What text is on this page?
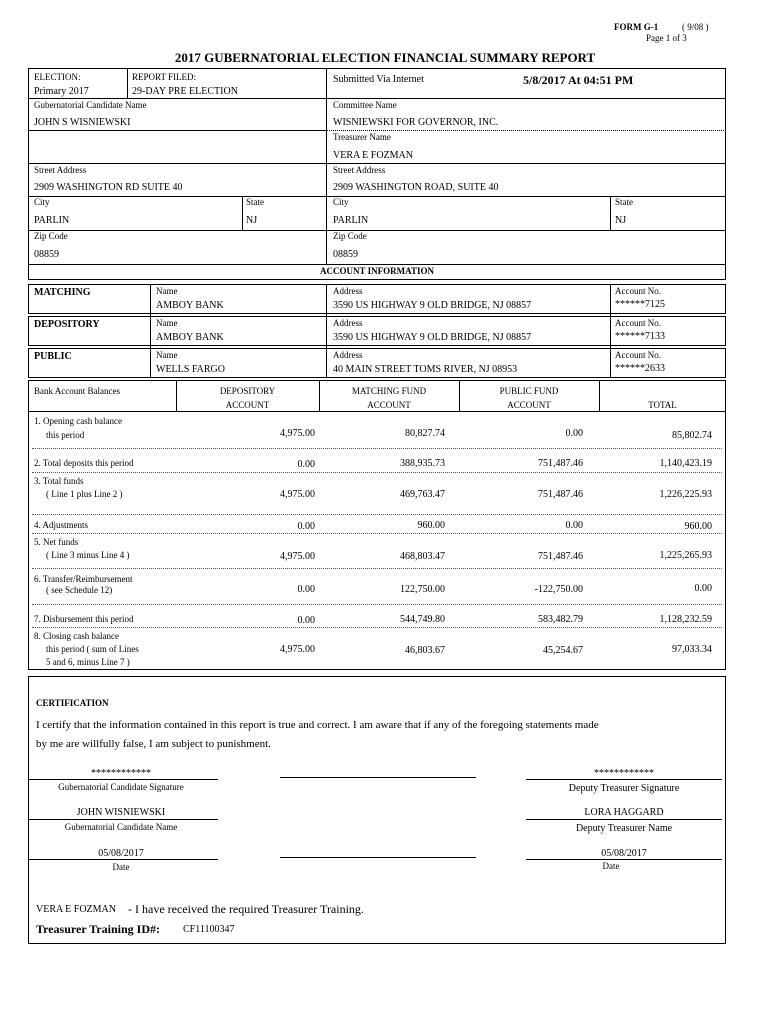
FORM G-1	( 9/08 )
Page 1 of 3
2017 GUBERNATORIAL ELECTION FINANCIAL SUMMARY REPORT
ELECTION:
Primary 2017
REPORT FILED:
29-DAY PRE ELECTION
Submitted Via Internet	5/8/2017 At 04:51 PM
Gubernatorial Candidate Name
JOHN S WISNIEWSKI
Committee Name
WISNIEWSKI FOR GOVERNOR, INC.
Treasurer Name
VERA E FOZMAN
Street Address
2909 WASHINGTON RD SUITE 40
Street Address
2909 WASHINGTON ROAD, SUITE 40
City
PARLIN
State
NJ
City
PARLIN
State
NJ
Zip Code
08859
Zip Code
08859
ACCOUNT INFORMATION
MATCHING	Name
AMBOY BANK
Address
3590 US HIGHWAY 9 OLD BRIDGE, NJ 08857
Account No.
******7125
DEPOSITORY	Name
AMBOY BANK
Address
3590 US HIGHWAY 9 OLD BRIDGE, NJ 08857
Account No.
******7133
PUBLIC	Name
WELLS FARGO
Address
40 MAIN STREET TOMS RIVER, NJ 08953
Account No.
******2633
Bank Account Balances	DEPOSITORY
ACCOUNT
MATCHING FUND
ACCOUNT
PUBLIC FUND
ACCOUNT	TOTAL
1. Opening cash balance
this period	4,975.00	80,827.74	0.00	85,802.74
2. Total deposits this period	0.00	388,935.73	751,487.46	1,140,423.19
3. Total funds
( Line 1 plus Line 2 )	4,975.00	469,763.47	751,487.46	1,226,225.93
4. Adjustments	0.00	960.00	0.00	960.00
5. Net funds
( Line 3 minus Line 4 )	4,975.00	468,803.47	751,487.46	1,225,265.93
6. Transfer/Reimbursement
( see Schedule 12)	0.00	122,750.00	-122,750.00	0.00
7. Disbursement this period	0.00	544,749.80	583,482.79	1,128,232.59
8. Closing cash balance
this period ( sum of Lines
5 and 6, minus Line 7 )
4,975.00	46,803.67	45,254.67	97,033.34
CERTIFICATION
I certify that the information contained in this report is true and correct. I am aware that if any of the foregoing statements made
by me are willfully false, I am subject to punishment.
************
Gubernatorial Candidate Signature
************
Deputy Treasurer Signature
JOHN WISNIEWSKI
Gubernatorial Candidate Name
LORA HAGGARD
Deputy Treasurer Name
05/08/2017
Date
05/08/2017
Date
VERA E FOZMAN - I have received the required Treasurer Training.
Treasurer Training ID#: CF11100347
